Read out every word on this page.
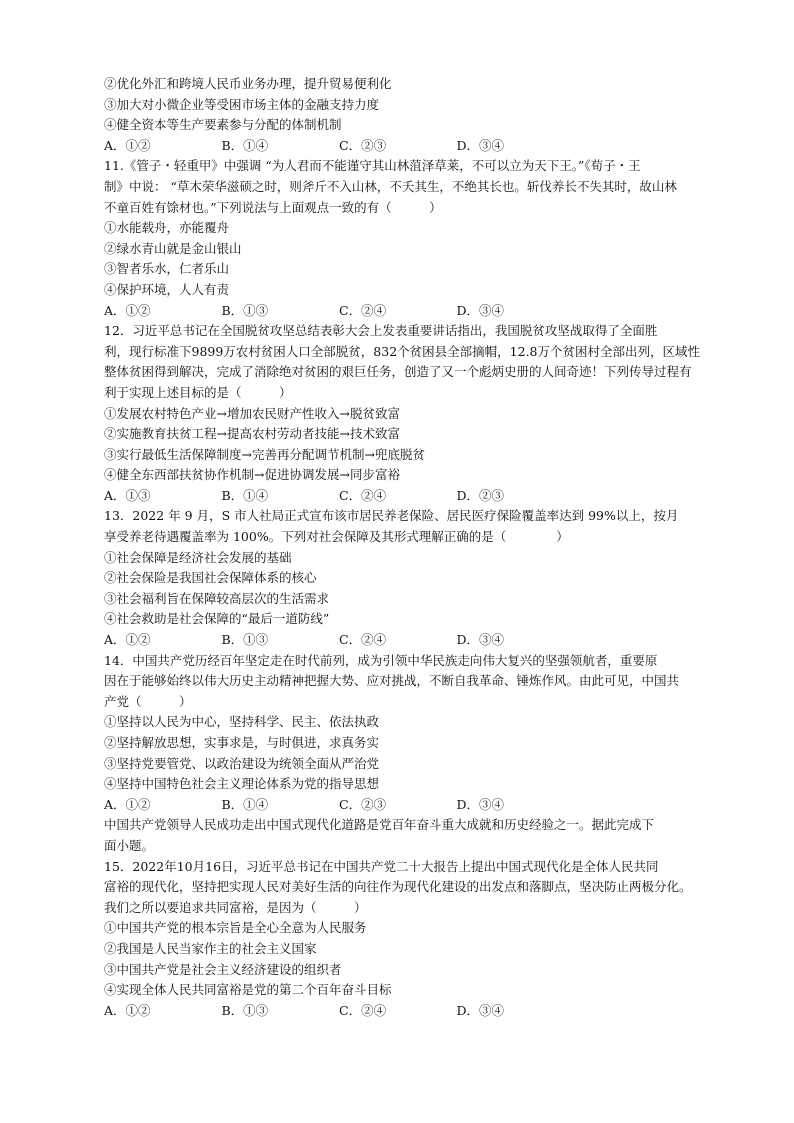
②优化外汇和跨境人民币业务办理，提升贸易便利化
③加大对小微企业等受困市场主体的金融支持力度
④健全资本等生产要素参与分配的体制机制
A．①②	B．①④	C．②③	D．③④
11.《管子・轻重甲》中强调 “为人君而不能谨守其山林菹泽草莱，不可以立为天下王。”《荀子・王
制》中说： “草木荣华滋硕之时，则斧斤不入山林，不夭其生，不绝其长也。斩伐养长不失其时，故山林
不童百姓有馀材也。”下列说法与上面观点一致的有（　　　）
①水能载舟，亦能覆舟
②绿水青山就是金山银山
③智者乐水，仁者乐山
④保护环境，人人有责
A．①②	B．①③	C．②④	D．③④
12．习近平总书记在全国脱贫攻坚总结表彰大会上发表重要讲话指出，我国脱贫攻坚战取得了全面胜
利，现行标准下9899万农村贫困人口全部脱贫，832个贫困县全部摘帽，12.8万个贫困村全部出列，区域性
整体贫困得到解决，完成了消除绝对贫困的艰巨任务，创造了又一个彪炳史册的人间奇迹！下列传导过程有
利于实现上述目标的是（　　　）
①发展农村特色产业→增加农民财产性收入→脱贫致富
②实施教育扶贫工程→提高农村劳动者技能→技术致富
③实行最低生活保障制度→完善再分配调节机制→兜底脱贫
④健全东西部扶贫协作机制→促进协调发展→同步富裕
A．①③	B．①④	C．②④	D．②③
13．2022 年 9 月，S 市人社局正式宣布该市居民养老保险、居民医疗保险覆盖率达到 99%以上，按月
享受养老待遇覆盖率为 100%。下列对社会保障及其形式理解正确的是（　　　　）
①社会保障是经济社会发展的基础
②社会保险是我国社会保障体系的核心
③社会福利旨在保障较高层次的生活需求
④社会救助是社会保障的“最后一道防线”
A．①②	B．①③	C．②④	D．③④
14．中国共产党历经百年坚定走在时代前列，成为引领中华民族走向伟大复兴的坚强领航者，重要原
因在于能够始终以伟大历史主动精神把握大势、应对挑战，不断自我革命、锤炼作风。由此可见，中国共
产党（　　　）
①坚持以人民为中心，坚持科学、民主、依法执政
②坚持解放思想，实事求是，与时俱进，求真务实
③坚持党要管党、以政治建设为统领全面从严治党
④坚持中国特色社会主义理论体系为党的指导思想
A．①②	B．①④	C．②③	D．③④
中国共产党领导人民成功走出中国式现代化道路是党百年奋斗重大成就和历史经验之一。据此完成下
面小题。
15．2022年10月16日，习近平总书记在中国共产党二十大报告上提出中国式现代化是全体人民共同
富裕的现代化，坚持把实现人民对美好生活的向往作为现代化建设的出发点和落脚点，坚决防止两极分化。
我们之所以要追求共同富裕，是因为（　　　）
①中国共产党的根本宗旨是全心全意为人民服务
②我国是人民当家作主的社会主义国家
③中国共产党是社会主义经济建设的组织者
④实现全体人民共同富裕是党的第二个百年奋斗目标
A．①②	B．①③	C．②④	D．③④
